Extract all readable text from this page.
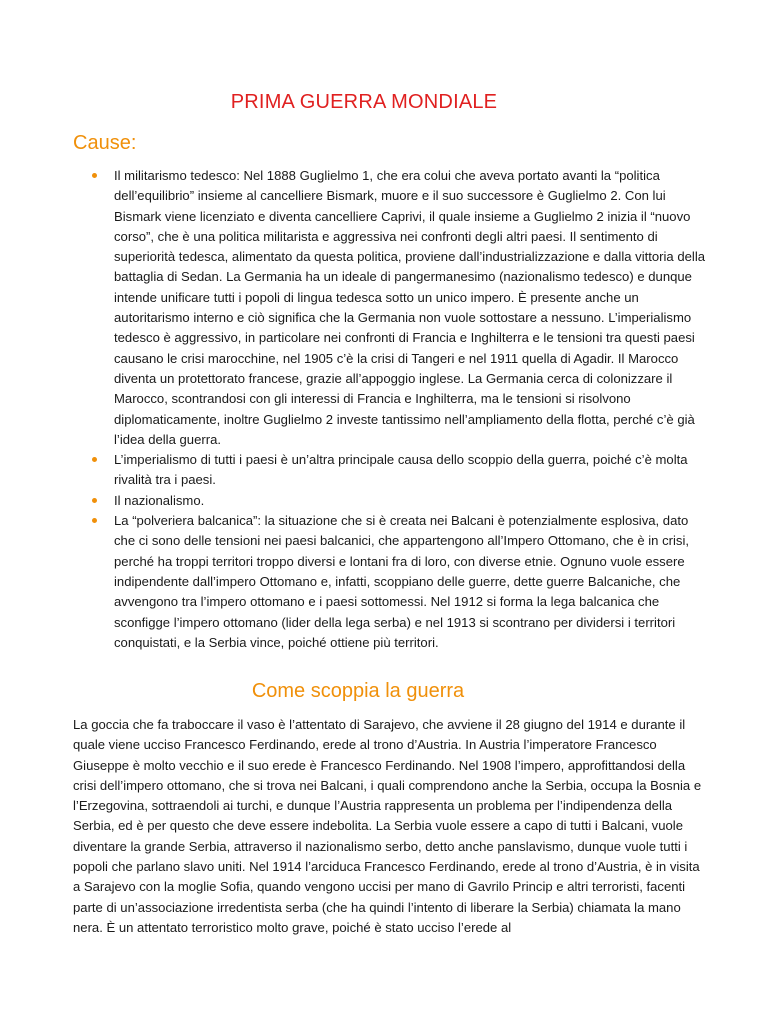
PRIMA GUERRA MONDIALE
Cause:
Il militarismo tedesco: Nel 1888 Guglielmo 1, che era colui che aveva portato avanti la “politica dell’equilibrio” insieme al cancelliere Bismark, muore e il suo successore è Guglielmo 2. Con lui Bismark viene licenziato e diventa cancelliere Caprivi, il quale insieme a Guglielmo 2 inizia il “nuovo corso”, che è una politica militarista e aggressiva nei confronti degli altri paesi. Il sentimento di superiorità tedesca, alimentato da questa politica, proviene dall’industrializzazione e dalla vittoria della battaglia di Sedan. La Germania ha un ideale di pangermanesimo (nazionalismo tedesco) e dunque intende unificare tutti i popoli di lingua tedesca sotto un unico impero. È presente anche un autoritarismo interno e ciò significa che la Germania non vuole sottostare a nessuno. L’imperialismo tedesco è aggressivo, in particolare nei confronti di Francia e Inghilterra e le tensioni tra questi paesi causano le crisi marocchine, nel 1905 c’è la crisi di Tangeri e nel 1911 quella di Agadir. Il Marocco diventa un protettorato francese, grazie all’appoggio inglese. La Germania cerca di colonizzare il Marocco, scontrandosi con gli interessi di Francia e Inghilterra, ma le tensioni si risolvono diplomaticamente, inoltre Guglielmo 2 investe tantissimo nell’ampliamento della flotta, perché c’è già l’idea della guerra.
L’imperialismo di tutti i paesi è un’altra principale causa dello scoppio della guerra, poiché c’è molta rivalità tra i paesi.
Il nazionalismo.
La “polveriera balcanica”: la situazione che si è creata nei Balcani è potenzialmente esplosiva, dato che ci sono delle tensioni nei paesi balcanici, che appartengono all’Impero Ottomano, che è in crisi, perché ha troppi territori troppo diversi e lontani fra di loro, con diverse etnie. Ognuno vuole essere indipendente dall’impero Ottomano e, infatti, scoppiano delle guerre, dette guerre Balcaniche, che avvengono tra l’impero ottomano e i paesi sottomessi. Nel 1912 si forma la lega balcanica che sconfigge l’impero ottomano (lider della lega serba) e nel 1913 si scontrano per dividersi i territori conquistati, e la Serbia vince, poiché ottiene più territori.
Come scoppia la guerra

La goccia che fa traboccare il vaso è l’attentato di Sarajevo, che avviene il 28 giugno del 1914 e durante il quale viene ucciso Francesco Ferdinando, erede al trono d’Austria. In Austria l’imperatore Francesco Giuseppe è molto vecchio e il suo erede è Francesco Ferdinando. Nel 1908 l’impero, approfittandosi della crisi dell’impero ottomano, che si trova nei Balcani, i quali comprendono anche la Serbia, occupa la Bosnia e l’Erzegovina, sottraendoli ai turchi, e dunque l’Austria rappresenta un problema per l’indipendenza della Serbia, ed è per questo che deve essere indebolita. La Serbia vuole essere a capo di tutti i Balcani, vuole diventare la grande Serbia, attraverso il nazionalismo serbo, detto anche panslavismo, dunque vuole tutti i popoli che parlano slavo uniti. Nel 1914 l’arciduca Francesco Ferdinando, erede al trono d’Austria, è in visita a Sarajevo con la moglie Sofia, quando vengono uccisi per mano di Gavrilo Princip e altri terroristi, facenti parte di un’associazione irredentista serba (che ha quindi l’intento di liberare la Serbia) chiamata la mano nera. È un attentato terroristico molto grave, poiché è stato ucciso l’erede al
